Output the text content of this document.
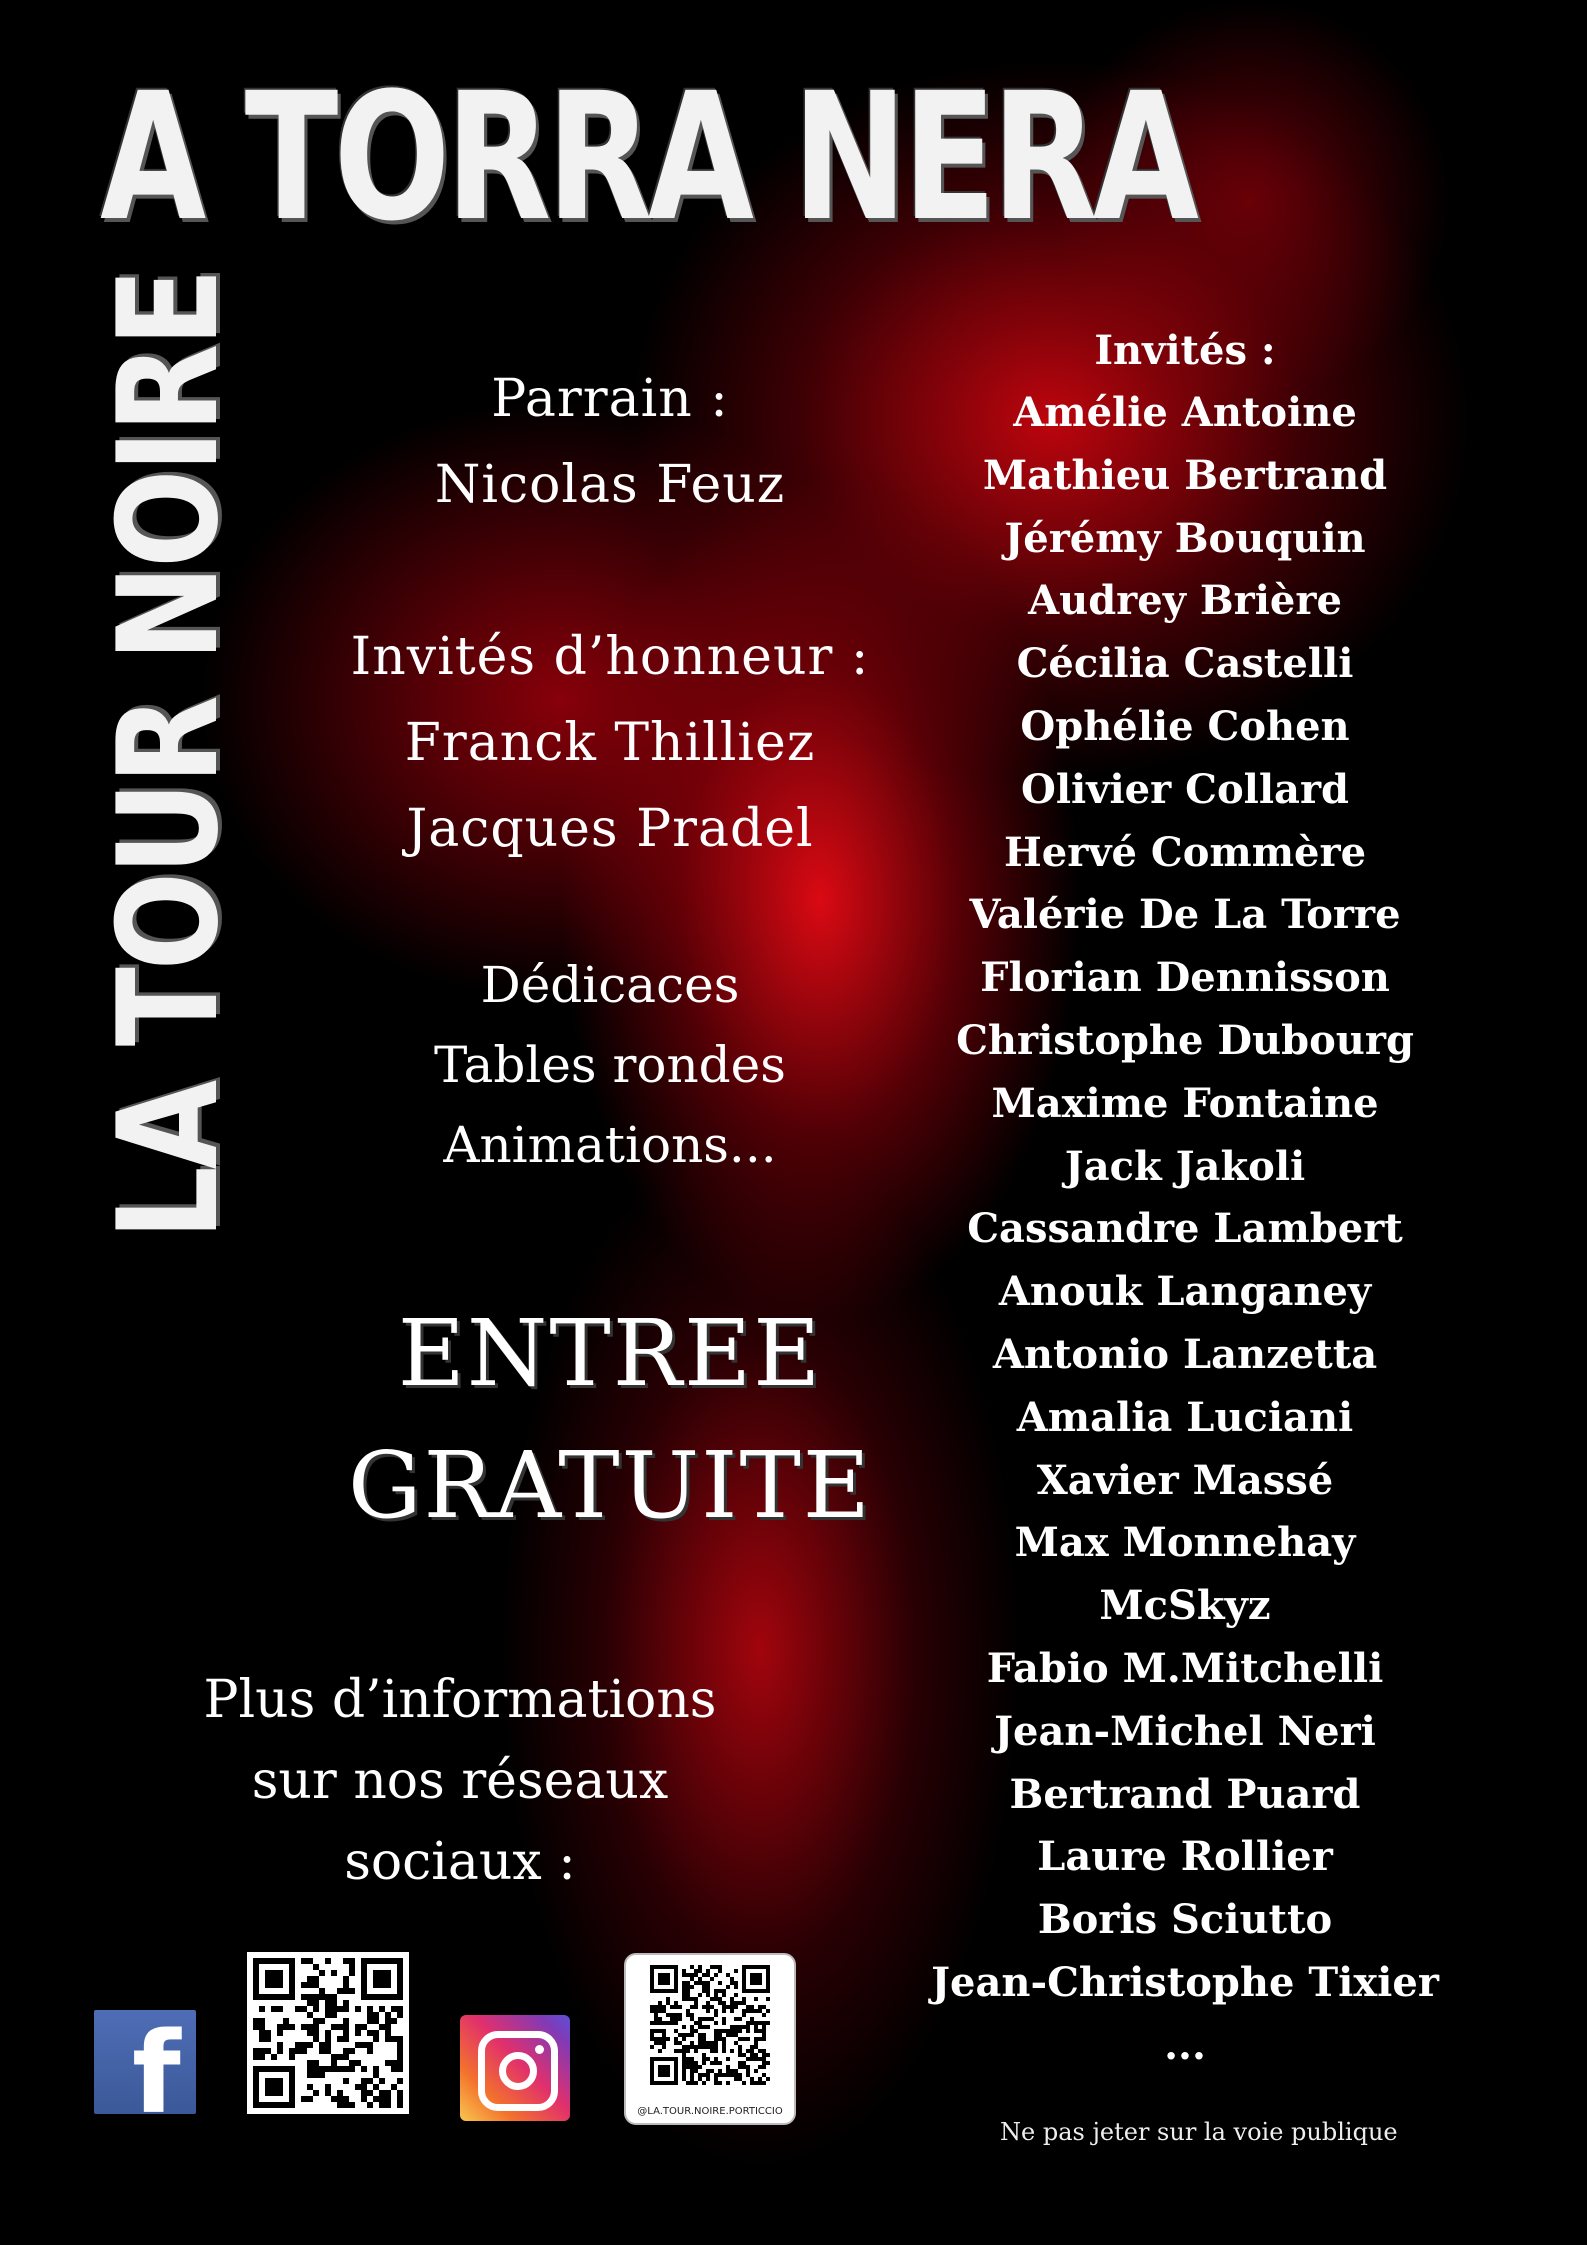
A TORRA NERA
LA TOUR NOIRE	Parrain :
Nicolas Feuz
Invités d’honneur :
Franck Thilliez
Jacques Pradel
Dédicaces
Tables rondes
Animations...
ENTREE
GRATUITE
Plus d’informations
sur nos réseaux
sociaux :
Invités :
Amélie Antoine
Mathieu Bertrand
Jérémy Bouquin
Audrey Brière
Cécilia Castelli
Ophélie Cohen
Olivier Collard
Hervé Commère
Valérie De La Torre
Florian Dennisson
Christophe Dubourg
Maxime Fontaine
Jack Jakoli
Cassandre Lambert
Anouk Langaney
Antonio Lanzetta
Amalia Luciani
Xavier Massé
Max Monnehay
McSkyz
Fabio M.Mitchelli
Jean-Michel Neri
Bertrand Puard
Laure Rollier
Boris Sciutto
Jean-Christophe Tixier
...
f	@LA.TOUR.NOIRE.PORTICCIO
Ne pas jeter sur la voie publique
